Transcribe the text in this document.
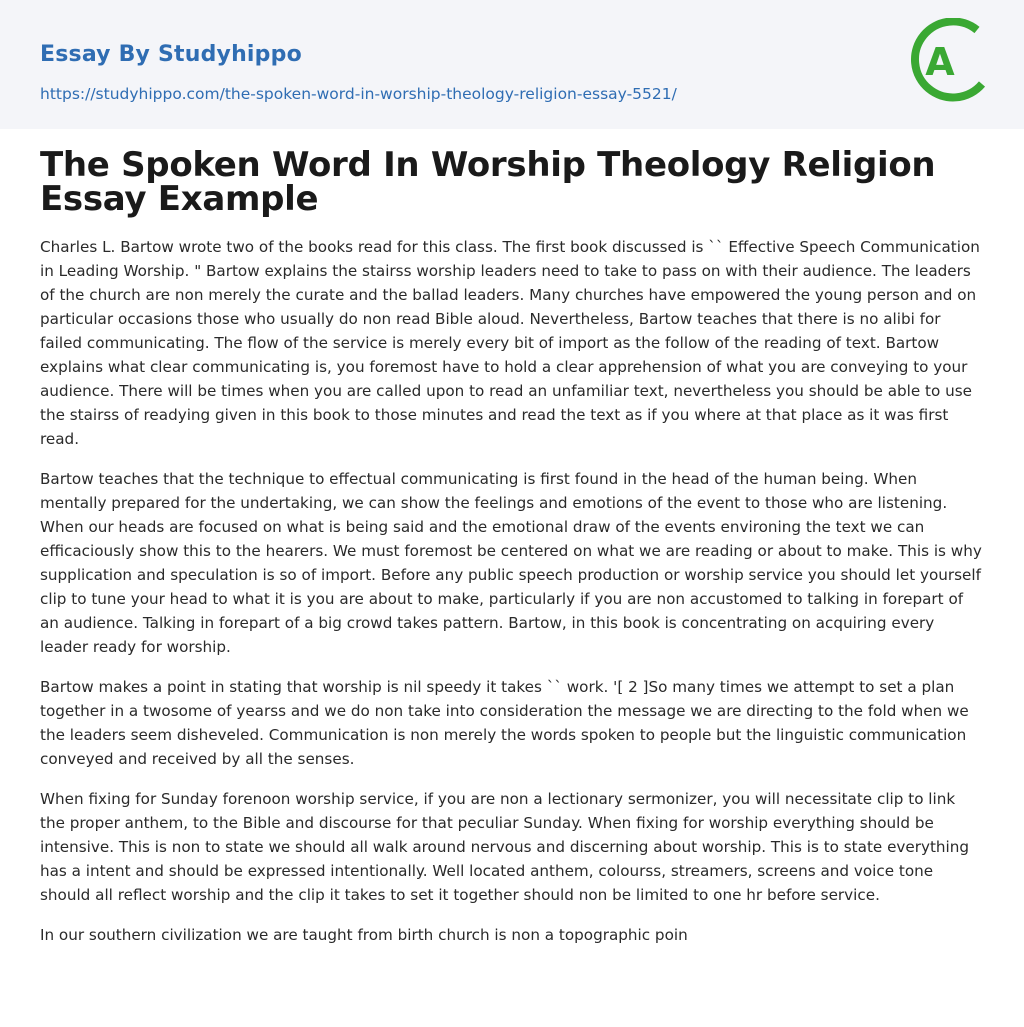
Essay By Studyhippo
https://studyhippo.com/the-spoken-word-in-worship-theology-religion-essay-5521/
A
The Spoken Word In Worship Theology Religion Essay Example

Charles L. Bartow wrote two of the books read for this class. The first book discussed is `` Effective Speech Communication in Leading Worship. " Bartow explains the stairss worship leaders need to take to pass on with their audience. The leaders of the church are non merely the curate and the ballad leaders. Many churches have empowered the young person and on particular occasions those who usually do non read Bible aloud. Nevertheless, Bartow teaches that there is no alibi for failed communicating. The flow of the service is merely every bit of import as the follow of the reading of text. Bartow explains what clear communicating is, you foremost have to hold a clear apprehension of what you are conveying to your audience. There will be times when you are called upon to read an unfamiliar text, nevertheless you should be able to use the stairss of readying given in this book to those minutes and read the text as if you where at that place as it was first read.

Bartow teaches that the technique to effectual communicating is first found in the head of the human being. When mentally prepared for the undertaking, we can show the feelings and emotions of the event to those who are listening. When our heads are focused on what is being said and the emotional draw of the events environing the text we can efficaciously show this to the hearers. We must foremost be centered on what we are reading or about to make. This is why supplication and speculation is so of import. Before any public speech production or worship service you should let yourself clip to tune your head to what it is you are about to make, particularly if you are non accustomed to talking in forepart of an audience. Talking in forepart of a big crowd takes pattern. Bartow, in this book is concentrating on acquiring every leader ready for worship.

Bartow makes a point in stating that worship is nil speedy it takes `` work. '[ 2 ]So many times we attempt to set a plan together in a twosome of yearss and we do non take into consideration the message we are directing to the fold when we the leaders seem disheveled. Communication is non merely the words spoken to people but the linguistic communication conveyed and received by all the senses.

When fixing for Sunday forenoon worship service, if you are non a lectionary sermonizer, you will necessitate clip to link the proper anthem, to the Bible and discourse for that peculiar Sunday. When fixing for worship everything should be intensive. This is non to state we should all walk around nervous and discerning about worship. This is to state everything has a intent and should be expressed intentionally. Well located anthem, colourss, streamers, screens and voice tone should all reflect worship and the clip it takes to set it together should non be limited to one hr before service.

In our southern civilization we are taught from birth church is non a topographic poin
